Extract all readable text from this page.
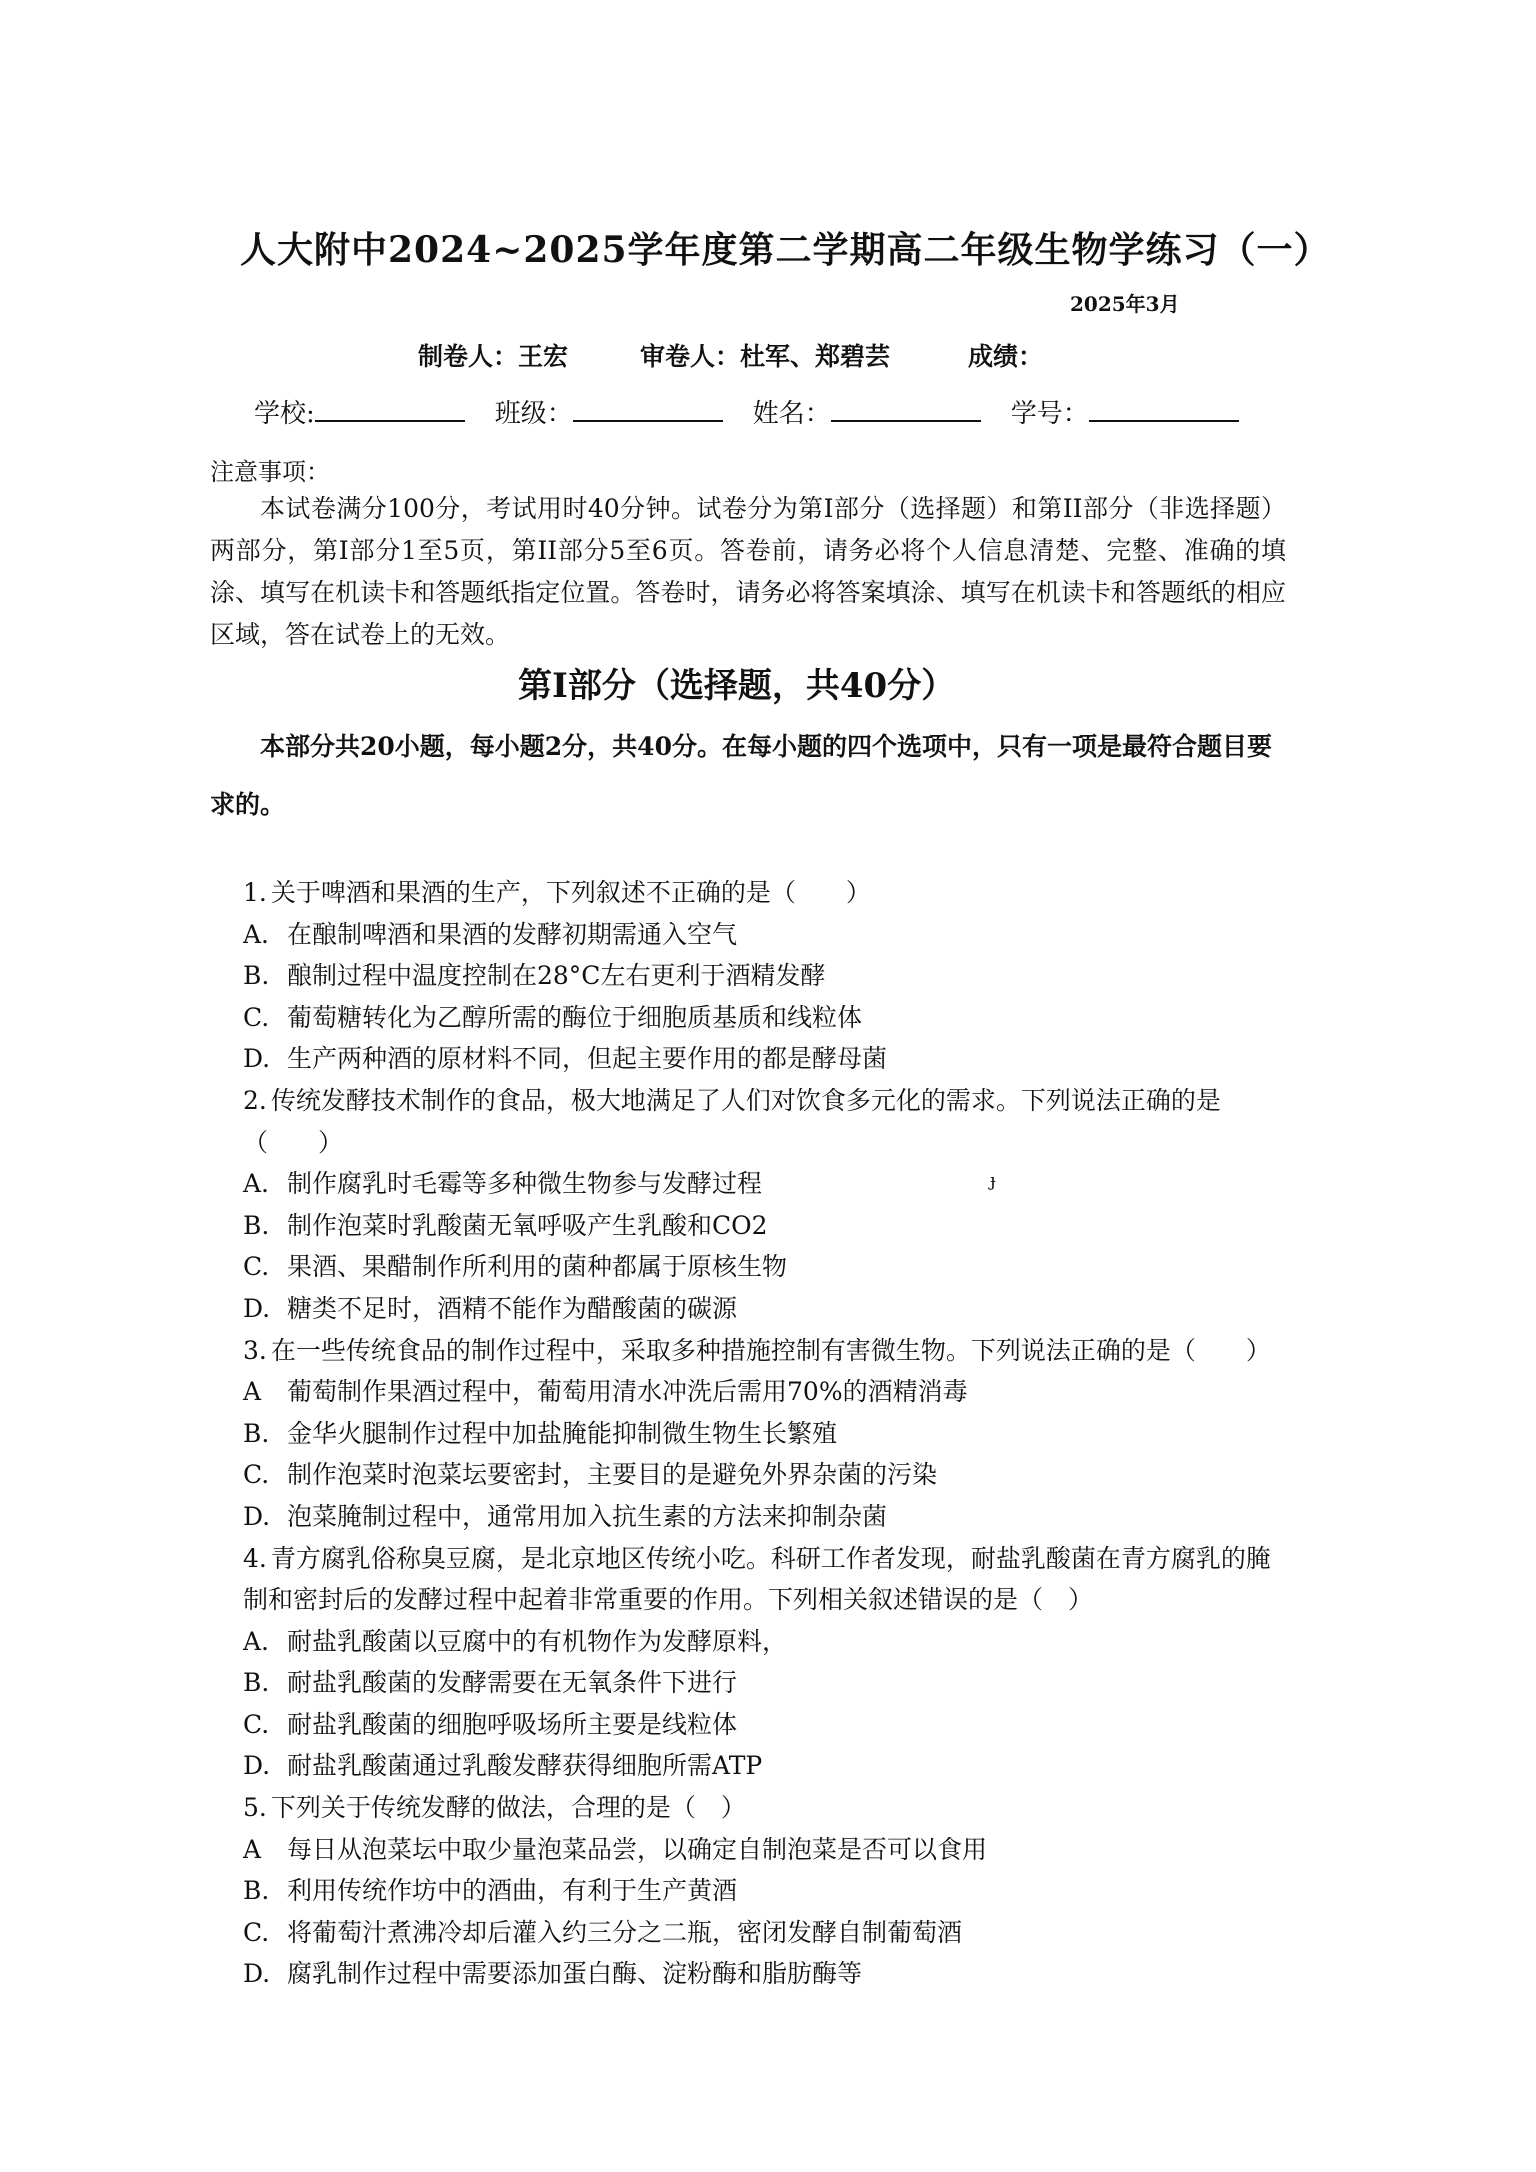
人大附中2024~2025学年度第二学期高二年级生物学练习（一）
2025年3月
制卷人：王宏	审卷人：杜军、郑碧芸	成绩：
学校:	班级：	姓名：	学号：
注意事项：
本试卷满分100分，考试用时40分钟。试卷分为第I部分（选择题）和第II部分（非选择题）两部分，第I部分1至5页，第II部分5至6页。答卷前，请务必将个人信息清楚、完整、准确的填涂、填写在机读卡和答题纸指定位置。答卷时，请务必将答案填涂、填写在机读卡和答题纸的相应区域，答在试卷上的无效。
第I部分（选择题，共40分）
本部分共20小题，每小题2分，共40分。在每小题的四个选项中，只有一项是最符合题目要求的。

1. 关于啤酒和果酒的生产，下列叙述不正确的是（　　）

A. 在酿制啤酒和果酒的发酵初期需通入空气

B. 酿制过程中温度控制在28°C左右更利于酒精发酵

C. 葡萄糖转化为乙醇所需的酶位于细胞质基质和线粒体

D. 生产两种酒的原材料不同，但起主要作用的都是酵母菌

2. 传统发酵技术制作的食品，极大地满足了人们对饮食多元化的需求。下列说法正确的是（　　）

A. 制作腐乳时毛霉等多种微生物参与发酵过程

B. 制作泡菜时乳酸菌无氧呼吸产生乳酸和CO2

C. 果酒、果醋制作所利用的菌种都属于原核生物

D. 糖类不足时，酒精不能作为醋酸菌的碳源

3. 在一些传统食品的制作过程中，采取多种措施控制有害微生物。下列说法正确的是（　　）

A 葡萄制作果酒过程中，葡萄用清水冲洗后需用70%的酒精消毒

B. 金华火腿制作过程中加盐腌能抑制微生物生长繁殖

C. 制作泡菜时泡菜坛要密封，主要目的是避免外界杂菌的污染

D. 泡菜腌制过程中，通常用加入抗生素的方法来抑制杂菌

4. 青方腐乳俗称臭豆腐，是北京地区传统小吃。科研工作者发现，耐盐乳酸菌在青方腐乳的腌制和密封后的发酵过程中起着非常重要的作用。下列相关叙述错误的是（　）

A. 耐盐乳酸菌以豆腐中的有机物作为发酵原料，

B. 耐盐乳酸菌的发酵需要在无氧条件下进行

C. 耐盐乳酸菌的细胞呼吸场所主要是线粒体

D. 耐盐乳酸菌通过乳酸发酵获得细胞所需ATP

5. 下列关于传统发酵的做法，合理的是（　）

A 每日从泡菜坛中取少量泡菜品尝，以确定自制泡菜是否可以食用

B. 利用传统作坊中的酒曲，有利于生产黄酒

C. 将葡萄汁煮沸冷却后灌入约三分之二瓶，密闭发酵自制葡萄酒

D. 腐乳制作过程中需要添加蛋白酶、淀粉酶和脂肪酶等

ɟ
